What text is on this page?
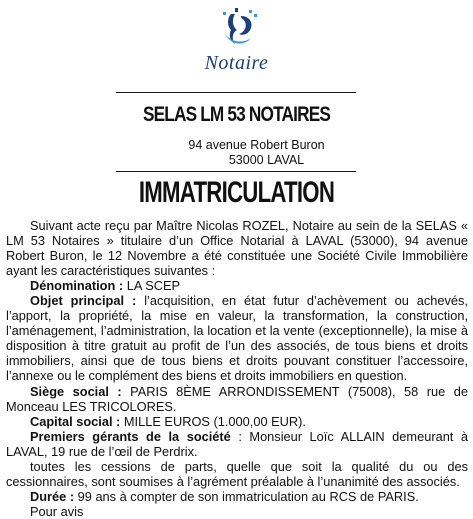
Notaire
SELAS LM 53 NOTAIRES
94 avenue Robert Buron
53000 LAVAL
IMMATRICULATION

Suivant acte reçu par Maître Nicolas ROZEL, Notaire au sein de la SELAS « LM 53 Notaires » titulaire d’un Office Notarial à LAVAL (53000), 94 avenue Robert Buron, le 12 Novembre a été constituée une Société Civile Immobilière ayant les caractéristiques suivantes :

Dénomination : LA SCEP

Objet principal : l’acquisition, en état futur d’achèvement ou achevés, l’apport, la propriété, la mise en valeur, la transformation, la construction, l’aménagement, l’administration, la location et la vente (exceptionnelle), la mise à disposition à titre gratuit au profit de l’un des associés, de tous biens et droits immobiliers, ainsi que de tous biens et droits pouvant constituer l’accessoire, l’annexe ou le complément des biens et droits immobiliers en question.

Siège social : PARIS 8ÈME ARRONDISSEMENT (75008), 58 rue de Monceau LES TRICOLORES.

Capital social : MILLE EUROS (1.000,00 EUR).

Premiers gérants de la société : Monsieur Loïc ALLAIN demeurant à LAVAL, 19 rue de l’œil de Perdrix.

toutes les cessions de parts, quelle que soit la qualité du ou des cessionnaires, sont soumises à l’agrément préalable à l’unanimité des associés.

Durée : 99 ans à compter de son immatriculation au RCS de PARIS.

Pour avis
